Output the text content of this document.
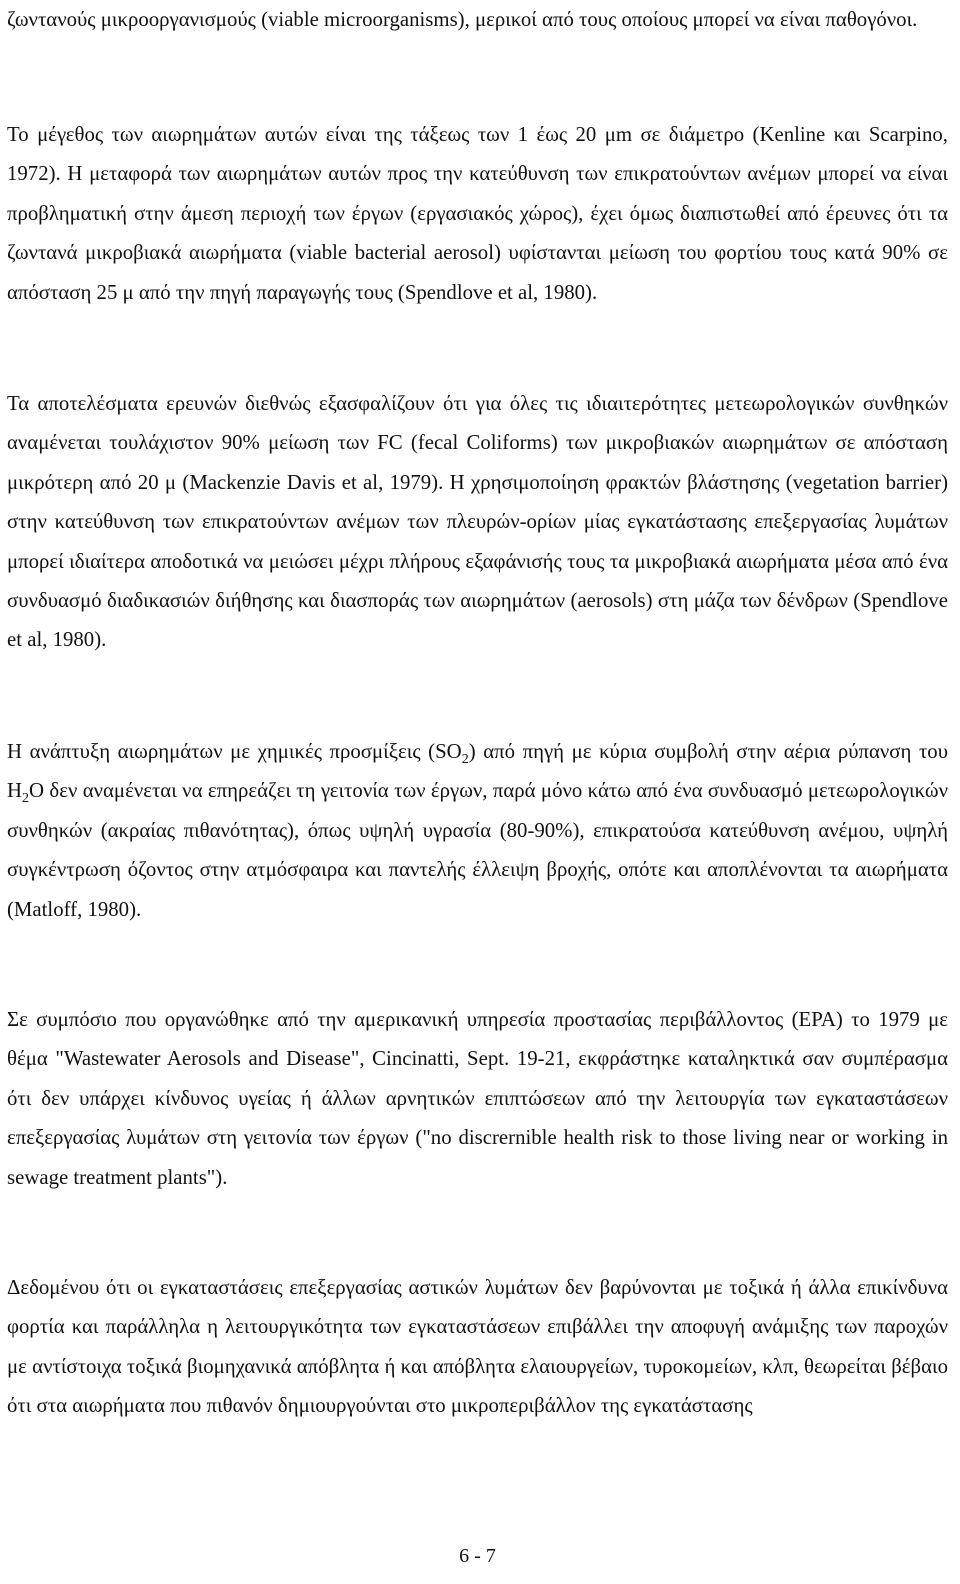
ζωντανούς μικροοργανισμούς (viable microorganisms), μερικοί από τους οποίους μπορεί να είναι παθογόνοι.

Το μέγεθος των αιωρημάτων αυτών είναι της τάξεως των 1 έως 20 μm σε διάμετρο (Kenline και Scarpino, 1972). Η μεταφορά των αιωρημάτων αυτών προς την κατεύθυνση των επικρατούντων ανέμων μπορεί να είναι προβληματική στην άμεση περιοχή των έργων (εργασιακός χώρος), έχει όμως διαπιστωθεί από έρευνες ότι τα ζωντανά μικροβιακά αιωρήματα (viable bacterial aerosol) υφίστανται μείωση του φορτίου τους κατά 90% σε απόσταση 25 μ από την πηγή παραγωγής τους (Spendlove et al, 1980).

Τα αποτελέσματα ερευνών διεθνώς εξασφαλίζουν ότι για όλες τις ιδιαιτερότητες μετεωρολογικών συνθηκών αναμένεται τουλάχιστον 90% μείωση των FC (fecal Coliforms) των μικροβιακών αιωρημάτων σε απόσταση μικρότερη από 20 μ (Mackenzie Davis et al, 1979). Η χρησιμοποίηση φρακτών βλάστησης (vegetation barrier) στην κατεύθυνση των επικρατούντων ανέμων των πλευρών-ορίων μίας εγκατάστασης επεξεργασίας λυμάτων μπορεί ιδιαίτερα αποδοτικά να μειώσει μέχρι πλήρους εξαφάνισής τους τα μικροβιακά αιωρήματα μέσα από ένα συνδυασμό διαδικασιών διήθησης και διασποράς των αιωρημάτων (aerosols) στη μάζα των δένδρων (Spendlove et al, 1980).

Η ανάπτυξη αιωρημάτων με χημικές προσμίξεις $(SO_2)$ από πηγή με κύρια συμβολή στην αέρια ρύπανση του $H_2O$ δεν αναμένεται να επηρεάζει τη γειτονία των έργων, παρά μόνο κάτω από ένα συνδυασμό μετεωρολογικών συνθηκών (ακραίας πιθανότητας), όπως υψηλή υγρασία (80-90%), επικρατούσα κατεύθυνση ανέμου, υψηλή συγκέντρωση όζοντος στην ατμόσφαιρα και παντελής έλλειψη βροχής, οπότε και αποπλένονται τα αιωρήματα (Matloff, 1980).

Σε συμπόσιο που οργανώθηκε από την αμερικανική υπηρεσία προστασίας περιβάλλοντος (EPA) το 1979 με θέμα "Wastewater Aerosols and Disease", Cincinatti, Sept. 19-21, εκφράστηκε καταληκτικά σαν συμπέρασμα ότι δεν υπάρχει κίνδυνος υγείας ή άλλων αρνητικών επιπτώσεων από την λειτουργία των εγκαταστάσεων επεξεργασίας λυμάτων στη γειτονία των έργων ("no discrernible health risk to those living near or working in sewage treatment plants").

Δεδομένου ότι οι εγκαταστάσεις επεξεργασίας αστικών λυμάτων δεν βαρύνονται με τοξικά ή άλλα επικίνδυνα φορτία και παράλληλα η λειτουργικότητα των εγκαταστάσεων επιβάλλει την αποφυγή ανάμιξης των παροχών με αντίστοιχα τοξικά βιομηχανικά απόβλητα ή και απόβλητα ελαιουργείων, τυροκομείων, κλπ, θεωρείται βέβαιο ότι στα αιωρήματα που πιθανόν δημιουργούνται στο μικροπεριβάλλον της εγκατάστασης

6 - 7
